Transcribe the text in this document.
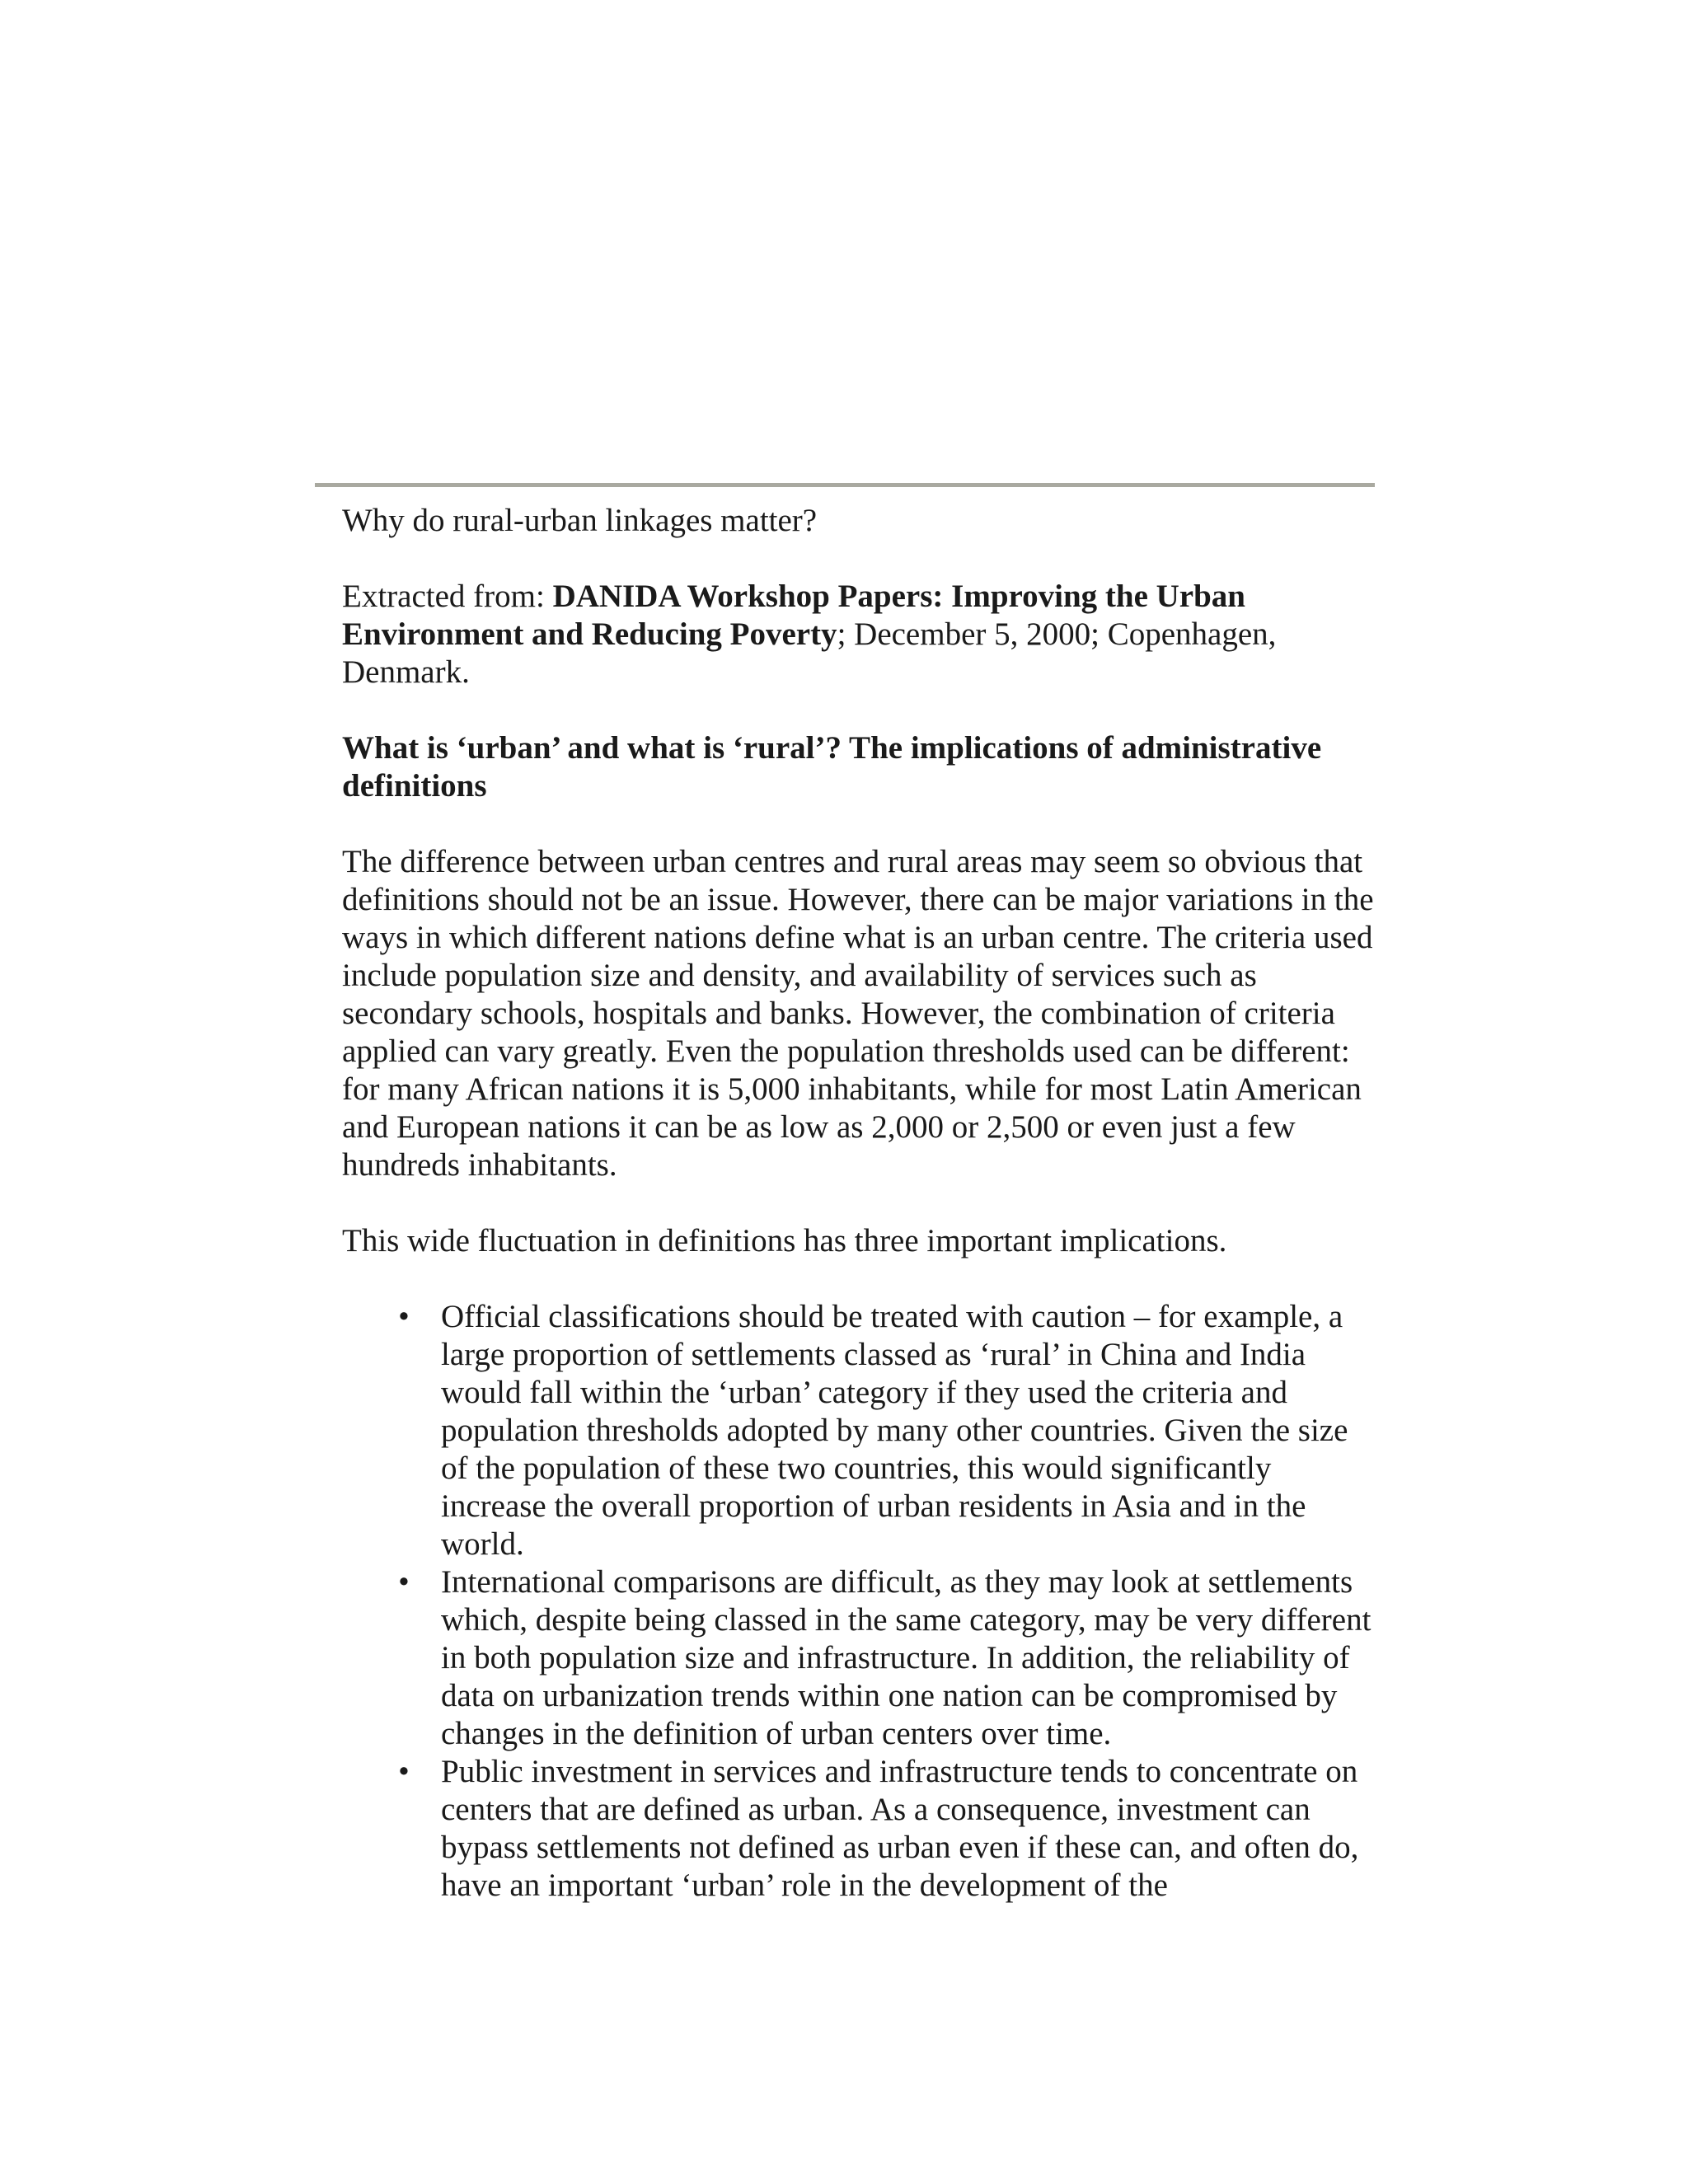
Why do rural-urban linkages matter?

Extracted from: DANIDA Workshop Papers: Improving the Urban Environment and Reducing Poverty; December 5, 2000; Copenhagen, Denmark.

What is ‘urban’ and what is ‘rural’? The implications of administrative definitions

The difference between urban centres and rural areas may seem so obvious that definitions should not be an issue. However, there can be major variations in the ways in which different nations define what is an urban centre. The criteria used include population size and density, and availability of services such as secondary schools, hospitals and banks. However, the combination of criteria applied can vary greatly. Even the population thresholds used can be different: for many African nations it is 5,000 inhabitants, while for most Latin American and European nations it can be as low as 2,000 or 2,500 or even just a few hundreds inhabitants.

This wide fluctuation in definitions has three important implications.

• Official classifications should be treated with caution – for example, a large proportion of settlements classed as ‘rural’ in China and India would fall within the ‘urban’ category if they used the criteria and population thresholds adopted by many other countries. Given the size of the population of these two countries, this would significantly increase the overall proportion of urban residents in Asia and in the world.
• International comparisons are difficult, as they may look at settlements which, despite being classed in the same category, may be very different in both population size and infrastructure. In addition, the reliability of data on urbanization trends within one nation can be compromised by changes in the definition of urban centers over time.
• Public investment in services and infrastructure tends to concentrate on centers that are defined as urban. As a consequence, investment can bypass settlements not defined as urban even if these can, and often do, have an important ‘urban’ role in the development of the
